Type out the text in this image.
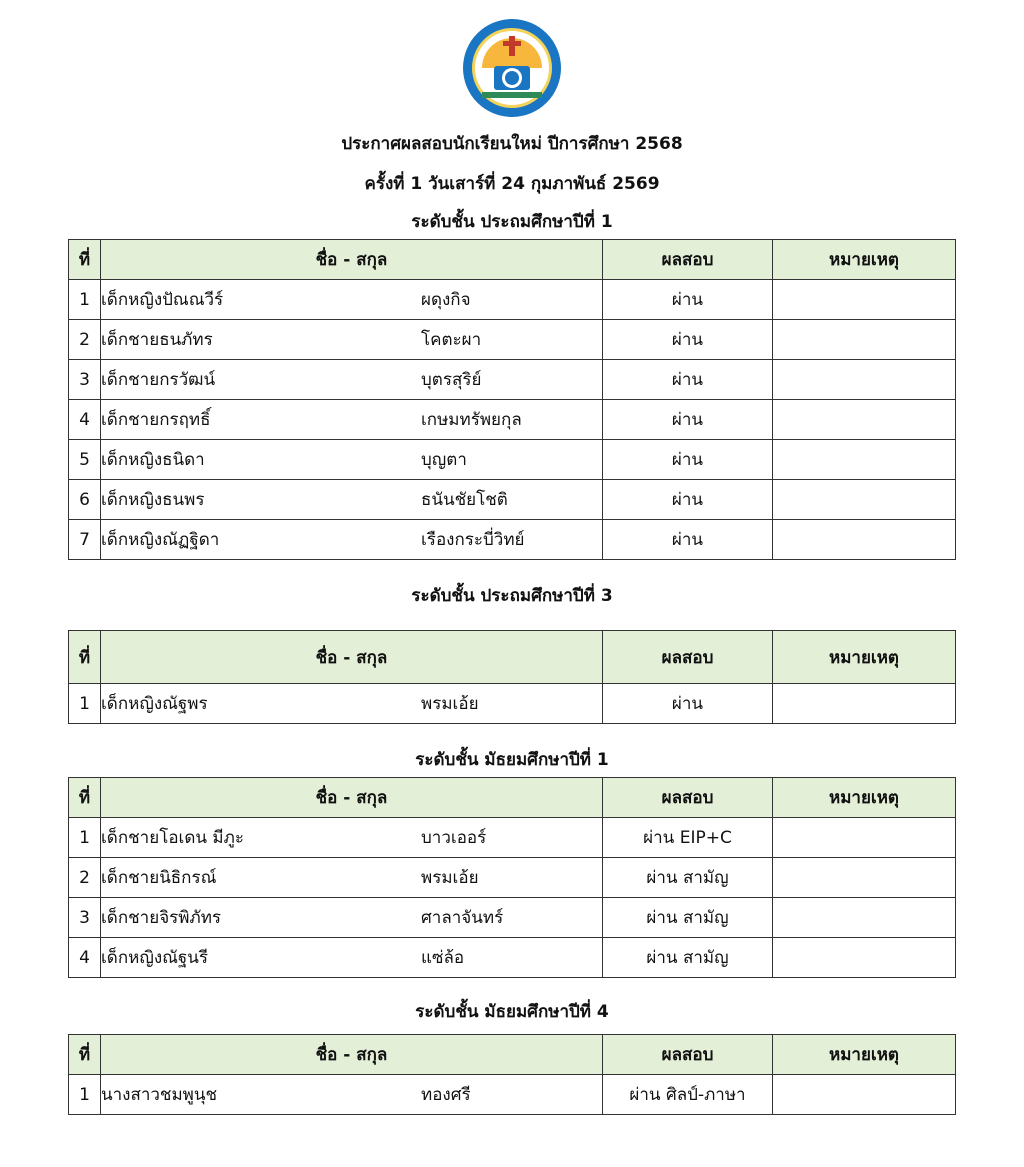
ประกาศผลสอบนักเรียนใหม่ ปีการศึกษา 2568
ครั้งที่ 1 วันเสาร์ที่ 24 กุมภาพันธ์ 2569
ระดับชั้น ประถมศึกษาปีที่ 1
ที่	ชื่อ - สกุล	ผลสอบ	หมายเหตุ
1	เด็กหญิงปัณณวีร์ ผดุงกิจ	ผ่าน	
2	เด็กชายธนภัทร โคตะผา	ผ่าน	
3	เด็กชายกรวัฒน์ บุตรสุริย์	ผ่าน	
4	เด็กชายกรฤทธิ์ เกษมทรัพยกุล	ผ่าน	
5	เด็กหญิงธนิดา บุญตา	ผ่าน	
6	เด็กหญิงธนพร ธนันชัยโชติ	ผ่าน	
7	เด็กหญิงณัฏฐิดา เรืองกระบี่วิทย์	ผ่าน	
ระดับชั้น ประถมศึกษาปีที่ 3
ที่	ชื่อ - สกุล	ผลสอบ	หมายเหตุ
1	เด็กหญิงณัฐพร พรมเอ้ย	ผ่าน	
ระดับชั้น มัธยมศึกษาปีที่ 1
ที่	ชื่อ - สกุล	ผลสอบ	หมายเหตุ
1	เด็กชายโอเดน มีภูะ บาวเออร์	ผ่าน EIP+C	
2	เด็กชายนิธิกรณ์ พรมเอ้ย	ผ่าน สามัญ	
3	เด็กชายจิรพิภัทร ศาลาจันทร์	ผ่าน สามัญ	
4	เด็กหญิงณัฐนรี แซ่ล้อ	ผ่าน สามัญ	
ระดับชั้น มัธยมศึกษาปีที่ 4
ที่	ชื่อ - สกุล	ผลสอบ	หมายเหตุ
1	นางสาวชมพูนุช ทองศรี	ผ่าน ศิลป์-ภาษา	
